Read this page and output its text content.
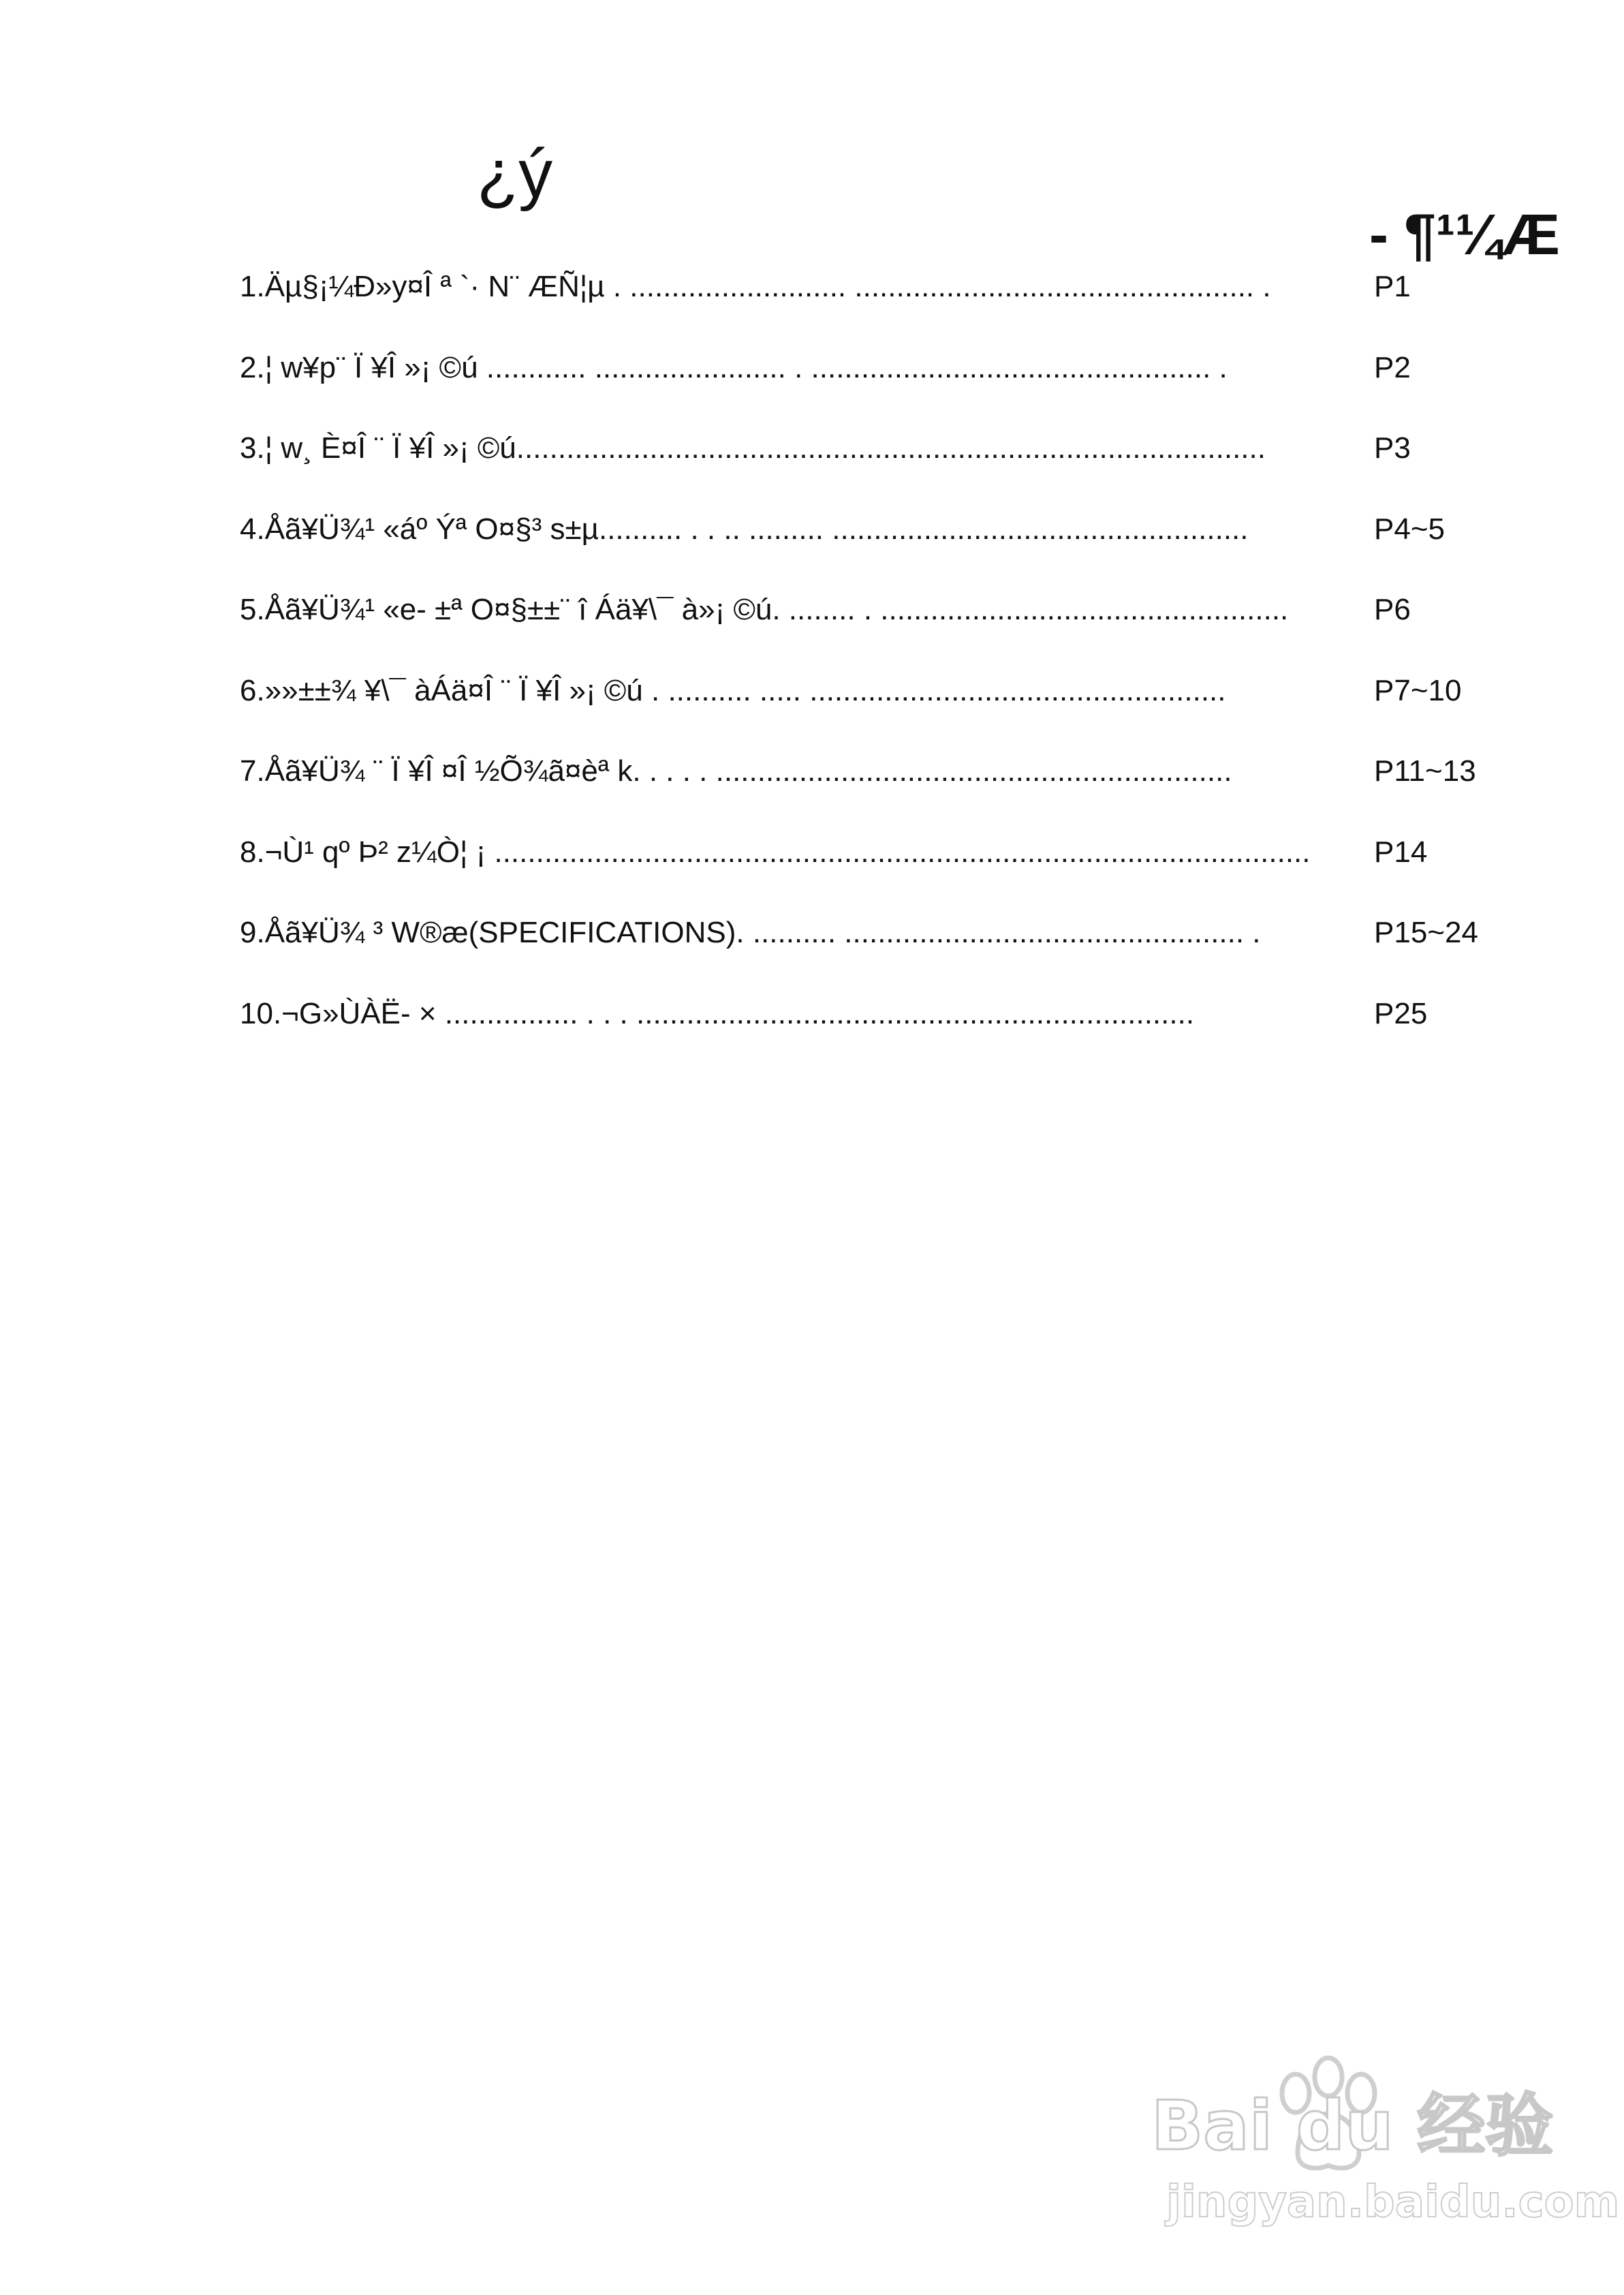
¿ý
- ¶¹¼Æ
1.Äµ§¡¼Ð»y¤Î ª `· N¨ ÆÑ¦µ . .......................... ................................................ .	P1
2.¦ w¥p¨ Ï ¥Î »¡ ©ú ............ ....................... . ................................................ .	P2
3.¦ w¸ È¤Î ¨ Ï ¥Î »¡ ©ú..........................................................................................	P3
4.Åã¥Ü¾¹ «áº Ýª O¤§³ s±µ.......... . . .. ......... ..................................................	P4~5
5.Åã¥Ü¾¹ «e- ±ª O¤§±±¨ î Áä¥\¯ à»¡ ©ú. ........ . .................................................	P6
6.»»±±¾ ¥\¯ àÁä¤Î ¨ Ï ¥Î »¡ ©ú . .......... ..... ..................................................	P7~10
7.Åã¥Ü¾ ¨ Ï ¥Î ¤Î ½Õ¾ã¤èª k. . . . . ..............................................................	P11~13
8.¬Ù¹ qº Þ² z¼Ò¦ ¡ .................................................................................................. P14
9.Åã¥Ü¾ ³ W®æ(SPECIFICATIONS). .......... ................................................ .	P15~24
10.¬G»ÙÀË- × ................ . . . ...................................................................	P25
Bai du 经验
jingyan.baidu.com
